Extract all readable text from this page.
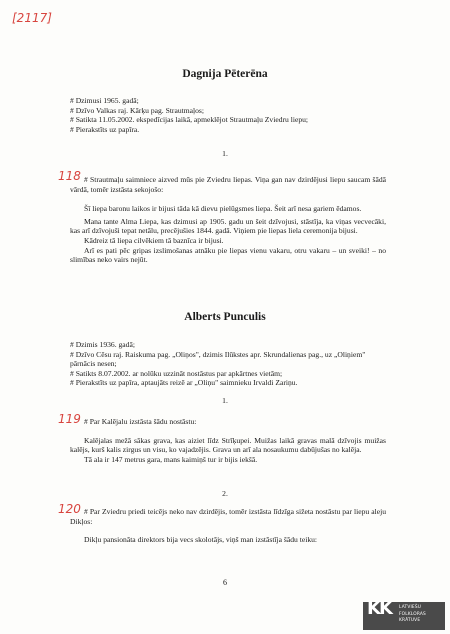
[2117]
Dagnija Pēterēna

# Dzimusi 1965. gadā;

# Dzīvo Valkas raj. Kārķu pag. Strautmaļos;

# Satikta 11.05.2002. ekspedīcijas laikā, apmeklējot Strautmaļu Zviedru liepu;

# Pierakstīts uz papīra.

1.
118 # Strautmaļu saimniece aizved mūs pie Zviedru liepas. Viņa gan nav dzirdējusi liepu saucam šādā vārdā, tomēr izstāsta sekojošo:

Šī liepa baronu laikos ir bijusi tāda kā dievu pielūgsmes liepa. Šeit arī nesa gariem ēdamos.

Mana tante Alma Liepa, kas dzimusi ap 1905. gadu un šeit dzīvojusi, stāstīja, ka viņas vecvecāki, kas arī dzīvojuši tepat netālu, precējušies 1844. gadā. Viņiem pie liepas liela ceremonija bijusi.

Kādreiz tā liepa cilvēkiem tā baznīca ir bijusi.

Arī es pati pēc gripas izslimošanas atnāku pie liepas vienu vakaru, otru vakaru – un sveiki! – no slimības neko vairs nejūt.

Alberts Punculis

# Dzimis 1936. gadā;

# Dzīvo Cēsu raj. Raiskuma pag. „Oliņos", dzimis Ilūkstes apr. Skrundalienas pag., uz „Oliņiem" pārnācis nesen;

# Satikts 8.07.2002. ar nolūku uzzināt nostāstus par apkārtnes vietām;

# Pierakstīts uz papīra, aptaujāts reizē ar „Oliņu" saimnieku Irvaldi Zariņu.

1.
119 # Par Kalējalu izstāsta šādu nostāstu:

Kalējalas mežā sākas grava, kas aiziet līdz Strīķupei. Muižas laikā gravas malā dzīvojis muižas kalējs, kurš kalis zirgus un visu, ko vajadzējis. Grava un arī ala nosaukumu dabūjušas no kalēja.

Tā ala ir 147 metrus gara, mans kaimiņš tur ir bijis iekšā.

2.
120 # Par Zviedru priedi teicējs neko nav dzirdējis, tomēr izstāsta līdzīga sižeta nostāstu par liepu aleju Dikļos:

Dikļu pansionāta direktors bija vecs skolotājs, viņš man izstāstīja šādu teiku:

6
K
K LATVIEŠU
FOLKLORAS
KRĀTUVE
